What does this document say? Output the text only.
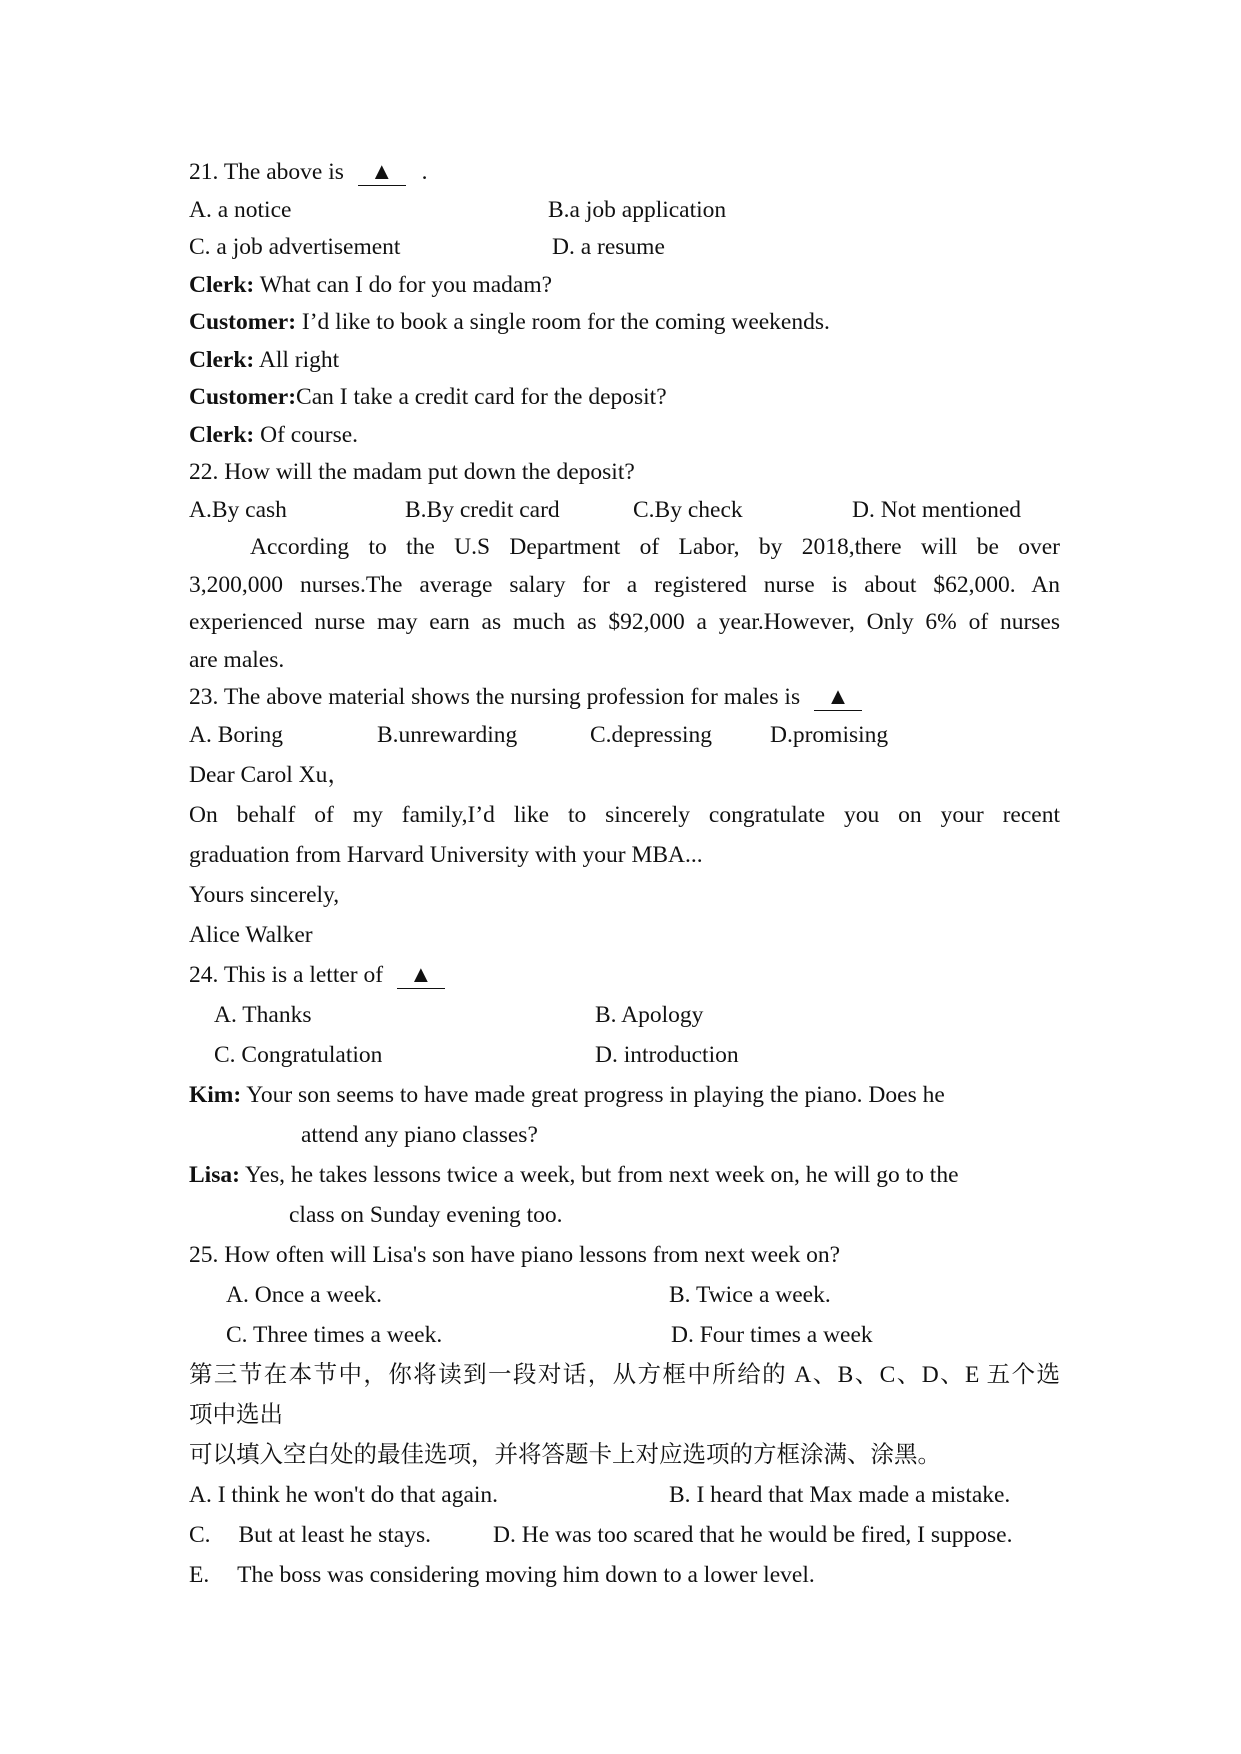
21. The above is ▲ .
A. a notice	B.a job application
C. a job advertisement	D. a resume
Clerk: What can I do for you madam?
Customer: I’d like to book a single room for the coming weekends.
Clerk: All right
Customer:Can I take a credit card for the deposit?
Clerk: Of course.
22. How will the madam put down the deposit?
A.By cash	B.By credit card	C.By check	D. Not mentioned
According to the U.S Department of Labor, by 2018,there will be over
3,200,000 nurses.The average salary for a registered nurse is about $62,000. An
experienced nurse may earn as much as $92,000 a year.However, Only 6% of nurses
are males.
23. The above material shows the nursing profession for males is ▲
A. Boring	B.unrewarding	C.depressing D.promising
Dear Carol Xu，
On behalf of my family,I’d like to sincerely congratulate you on your recent
graduation from Harvard University with your MBA...
Yours sincerely,
Alice Walker
24. This is a letter of ▲
A. Thanks	B. Apology
C. Congratulation	D. introduction
Kim: Your son seems to have made great progress in playing the piano. Does he
attend any piano classes?
Lisa: Yes, he takes lessons twice a week, but from next week on, he will go to the
class on Sunday evening too.
25. How often will Lisa's son have piano lessons from next week on?
A. Once a week.	B. Twice a week.
C. Three times a week.	D. Four times a week
第三节在本节中，你将读到一段对话，从方框中所给的 A、B、C、D、E 五个选
项中选出
可以填入空白处的最佳选项，并将答题卡上对应选项的方框涂满、涂黑。
A. I think he won't do that again.	B. I heard that Max made a mistake.
C. But at least he stays.	D. He was too scared that he would be fired, I suppose.
E. The boss was considering moving him down to a lower level.
